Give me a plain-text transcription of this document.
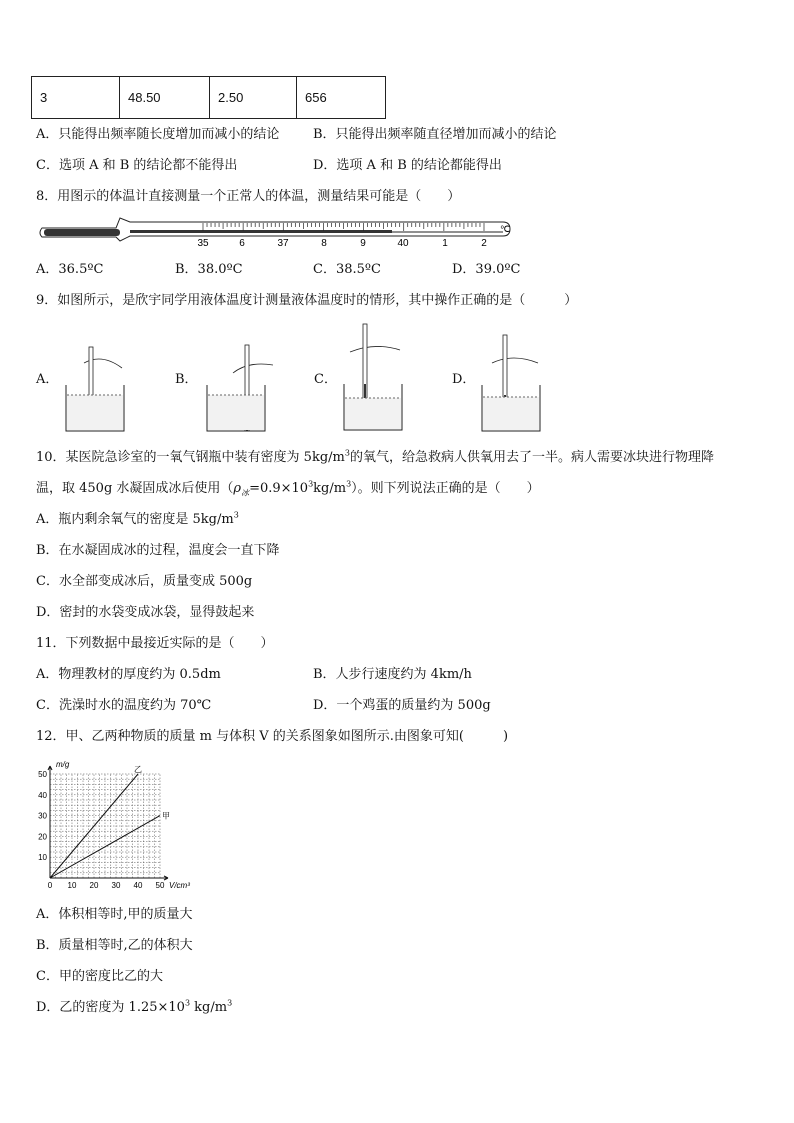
3	48.50	2.50	656
A．只能得出频率随长度增加而减小的结论	B．只能得出频率随直径增加而减小的结论
C．选项 A 和 B 的结论都不能得出	D．选项 A 和 B 的结论都能得出
8．用图示的体温计直接测量一个正常人的体温，测量结果可能是（　　）
35	6	37	8	9	40	1	2
℃
A．36.5ºC	B．38.0ºC	C．38.5ºC	D．39.0ºC
9．如图所示，是欣宇同学用液体温度计测量液体温度时的情形，其中操作正确的是（　　　）
A．	B．	C．	D．
10．某医院急诊室的一氧气钢瓶中装有密度为 $5kg/m^3$的氧气，给急救病人供氧用去了一半。病人需要冰块进行物理降
温，取 450g 水凝固成冰后使用$(\rho_冰=0.9\times 10^3kg/m^3)$。则下列说法正确的是（　　）
A．瓶内剩余氧气的密度是 $5kg/m^3$
B．在水凝固成冰的过程，温度会一直下降
C．水全部变成冰后，质量变成 500g
D．密封的水袋变成冰袋，显得鼓起来
11．下列数据中最接近实际的是（　　）
A．物理教材的厚度约为 0.5dm	B．人步行速度约为 4km/h
C．洗澡时水的温度约为 70℃	D．一个鸡蛋的质量约为 500g
12．甲、乙两种物质的质量 m 与体积 V 的关系图象如图所示.由图象可知(　　　)
乙
甲
0 10 20 30 40 50
10
20
30
40
50
m/g
V/cm³
A．体积相等时,甲的质量大
B．质量相等时,乙的体积大
C．甲的密度比乙的大
D．乙的密度为 $1.25\times 10^3$ $kg/m^3$
